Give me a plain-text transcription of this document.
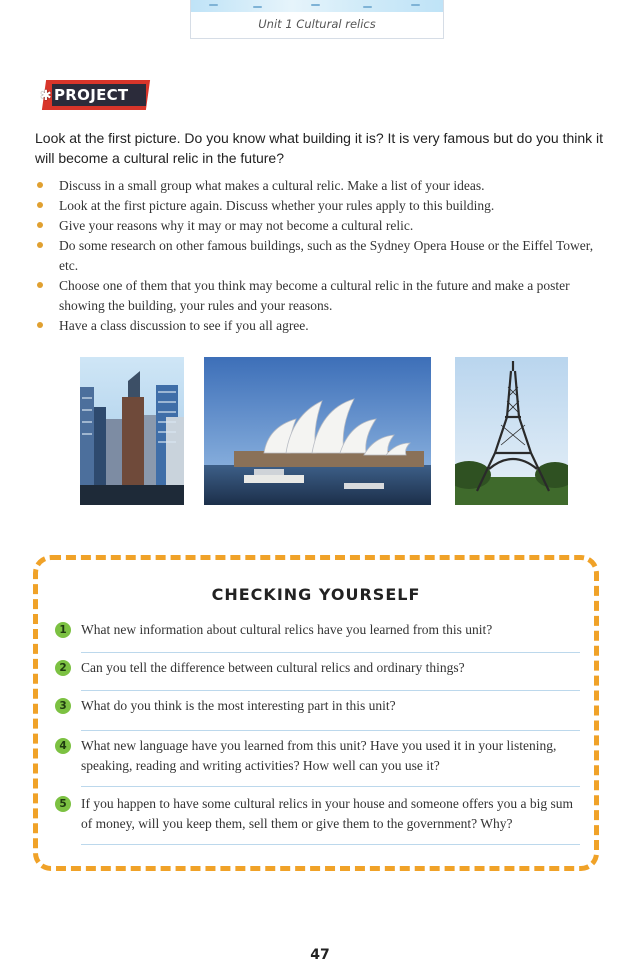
Unit 1 Cultural relics
✱ PROJECT

Look at the first picture. Do you know what building it is? It is very famous but do you think it will become a cultural relic in the future?

Discuss in a small group what makes a cultural relic. Make a list of your ideas.
Look at the first picture again. Discuss whether your rules apply to this building.
Give your reasons why it may or may not become a cultural relic.
Do some research on other famous buildings, such as the Sydney Opera House or the Eiffel Tower, etc.
Choose one of them that you think may become a cultural relic in the future and make a poster showing the building, your rules and your reasons.
Have a class discussion to see if you all agree.
CHECKING YOURSELF
1	What new information about cultural relics have you learned from this unit?
2	Can you tell the difference between cultural relics and ordinary things?
3	What do you think is the most interesting part in this unit?
4	What new language have you learned from this unit? Have you used it in your listening, speaking, reading and writing activities? How well can you use it?
5	If you happen to have some cultural relics in your house and someone offers you a big sum of money, will you keep them, sell them or give them to the government? Why?
47
